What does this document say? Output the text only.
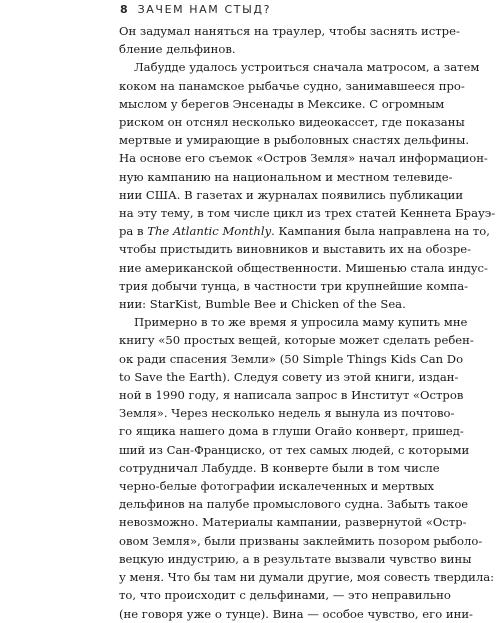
8 ЗАЧЕМ НАМ СТЫД?
Он задумал наняться на траулер, чтобы заснять истре-
бление дельфинов.
Лабудде удалось устроиться сначала матросом, а затем
коком на панамское рыбачье судно, занимавшееся про-
мыслом у берегов Энсенады в Мексике. С огромным
риском он отснял несколько видеокассет, где показаны
мертвые и умирающие в рыболовных снастях дельфины.
На основе его съемок «Остров Земля» начал информацион-
ную кампанию на национальном и местном телевиде-
нии США. В газетах и журналах появились публикации
на эту тему, в том числе цикл из трех статей Кеннета Брауэ-
ра в The Atlantic Monthly. Кампания была направлена на то,
чтобы пристыдить виновников и выставить их на обозре-
ние американской общественности. Мишенью стала индус-
трия добычи тунца, в частности три крупнейшие компа-
нии: StarKist, Bumble Bee и Chicken of the Sea.
Примерно в то же время я упросила маму купить мне
книгу «50 простых вещей, которые может сделать ребен-
ок ради спасения Земли» (50 Simple Things Kids Can Do
to Save the Earth). Следуя совету из этой книги, издан-
ной в 1990 году, я написала запрос в Институт «Остров
Земля». Через несколько недель я вынула из почтово-
го ящика нашего дома в глуши Огайо конверт, пришед-
ший из Сан-Франциско, от тех самых людей, с которыми
сотрудничал Лабудде. В конверте были в том числе
черно-белые фотографии искалеченных и мертвых
дельфинов на палубе промыслового судна. Забыть такое
невозможно. Материалы кампании, развернутой «Остр-
овом Земля», были призваны заклеймить позором рыболо-
вецкую индустрию, а в результате вызвали чувство вины
у меня. Что бы там ни думали другие, моя совесть твердила:
то, что происходит с дельфинами, — это неправильно
(не говоря уже о тунце). Вина — особое чувство, его ини-
